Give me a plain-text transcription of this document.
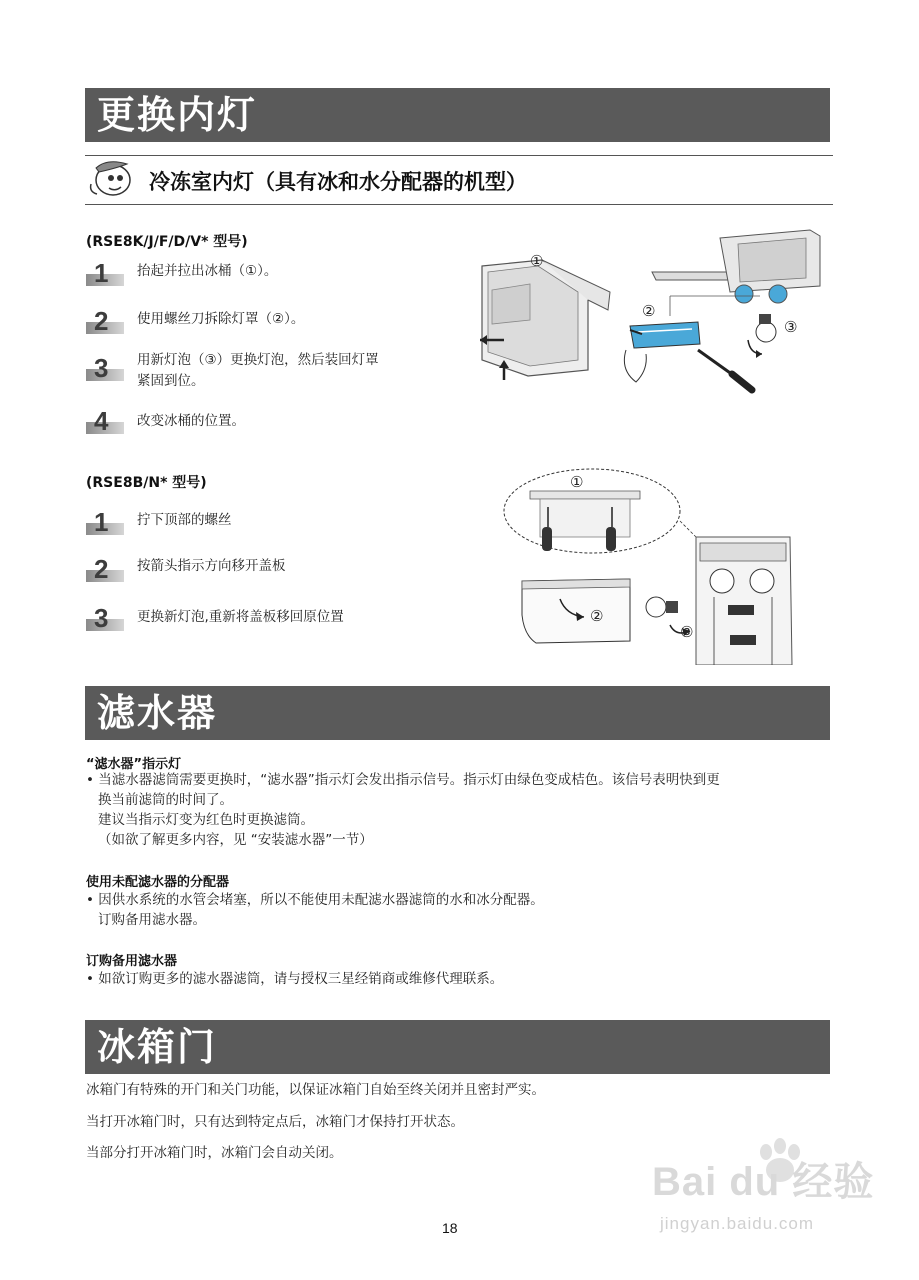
更换内灯
冷冻室内灯（具有冰和水分配器的机型）
(RSE8K/J/F/D/V* 型号)
1	抬起并拉出冰桶（①）。
2	使用螺丝刀拆除灯罩（②）。
3	用新灯泡（③）更换灯泡，然后装回灯罩紧固到位。
4	改变冰桶的位置。
①
②
③
(RSE8B/N* 型号)
1	拧下顶部的螺丝
2	按箭头指示方向移开盖板
3	更换新灯泡,重新将盖板移回原位置
①
②
③
滤水器
“滤水器”指示灯
• 当滤水器滤筒需要更换时，“滤水器”指示灯会发出指示信号。指示灯由绿色变成桔色。该信号表明快到更
换当前滤筒的时间了。
建议当指示灯变为红色时更换滤筒。
（如欲了解更多内容，见 “安装滤水器”一节）
使用未配滤水器的分配器
• 因供水系统的水管会堵塞，所以不能使用未配滤水器滤筒的水和冰分配器。
订购备用滤水器。
订购备用滤水器
• 如欲订购更多的滤水器滤筒，请与授权三星经销商或维修代理联系。
冰箱门
冰箱门有特殊的开门和关门功能，以保证冰箱门自始至终关闭并且密封严实。
当打开冰箱门时，只有达到特定点后，冰箱门才保持打开状态。
当部分打开冰箱门时，冰箱门会自动关闭。
Bai du 经验
jingyan.baidu.com
18
